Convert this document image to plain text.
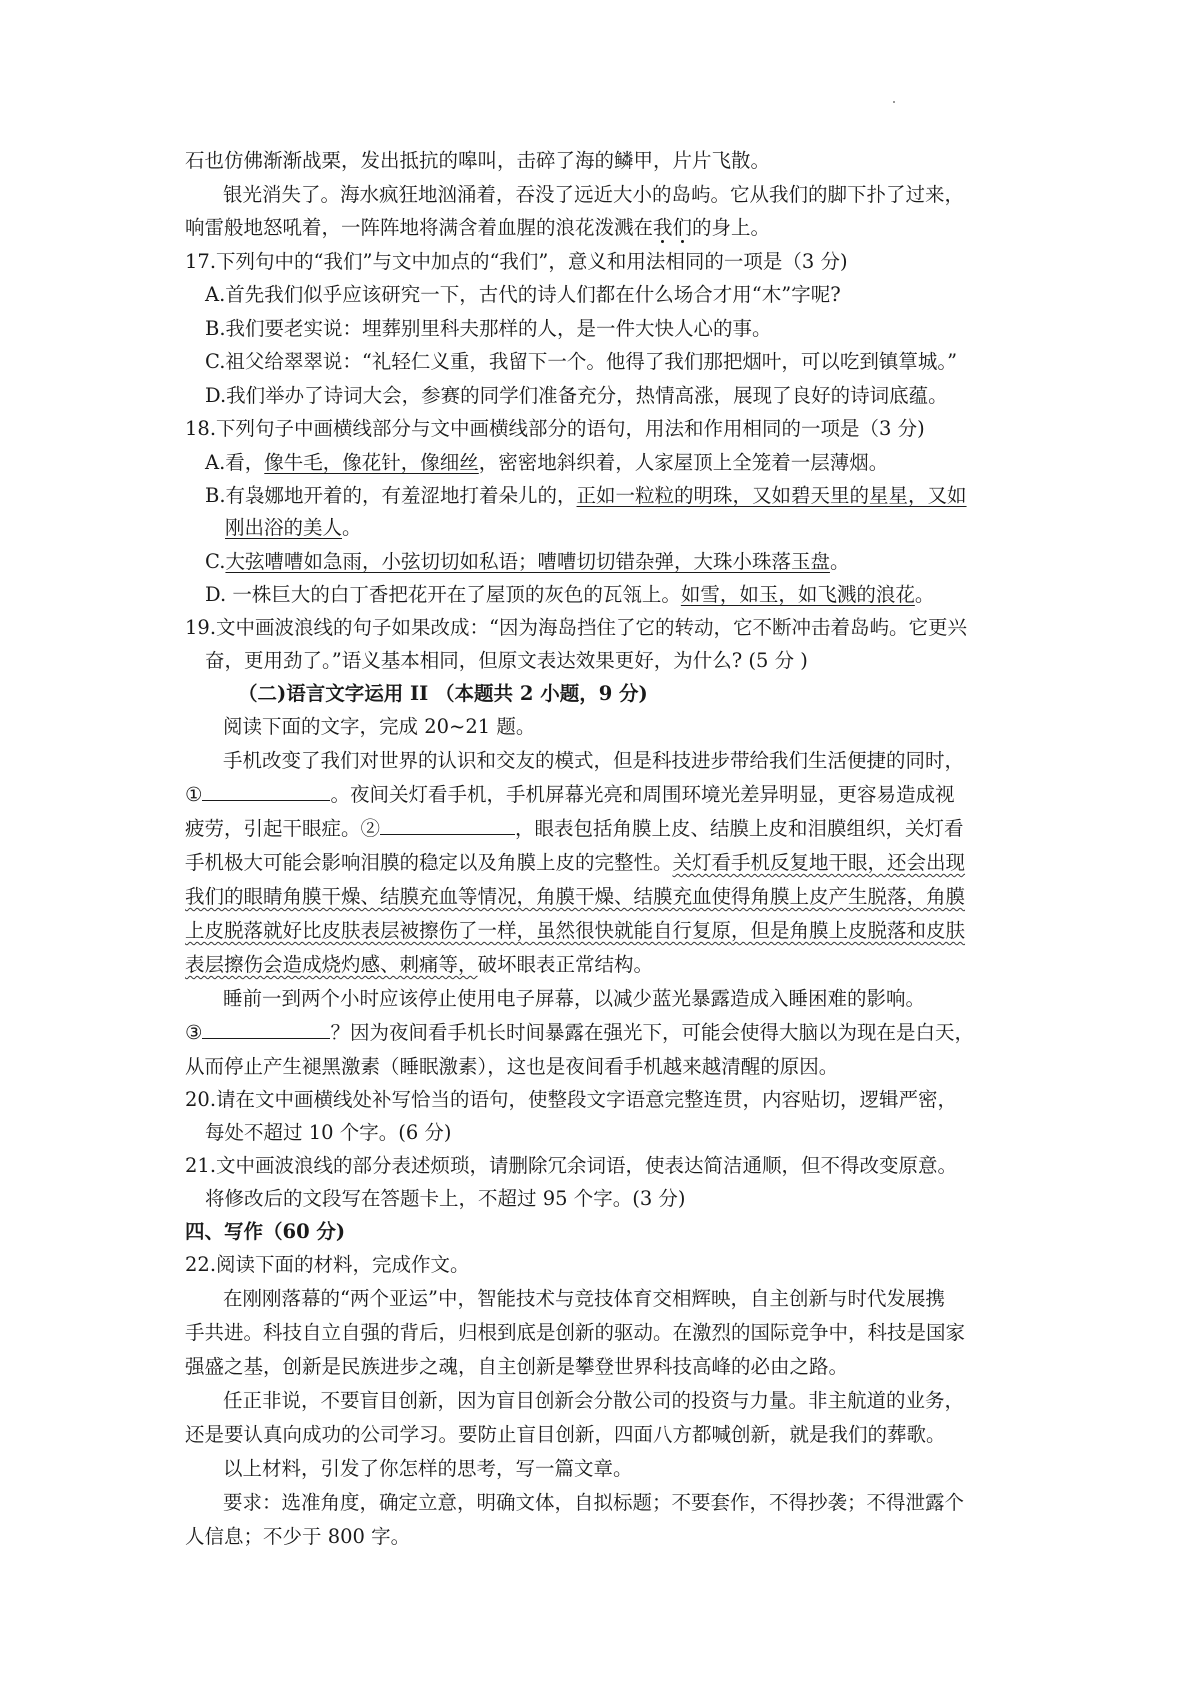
石也仿佛渐渐战栗，发出抵抗的嗥叫，击碎了海的鳞甲，片片飞散。
银光消失了。海水疯狂地汹涌着，吞没了远近大小的岛屿。它从我们的脚下扑了过来，
响雷般地怒吼着，一阵阵地将满含着血腥的浪花泼溅在我们的身上。
17.下列句中的“我们”与文中加点的“我们”，意义和用法相同的一项是（3 分)
A.首先我们似乎应该研究一下，古代的诗人们都在什么场合才用“木”字呢?
B.我们要老实说：埋葬别里科夫那样的人，是一件大快人心的事。
C.祖父给翠翠说：“礼轻仁义重，我留下一个。他得了我们那把烟叶，可以吃到镇筸城。”
D.我们举办了诗词大会，参赛的同学们准备充分，热情高涨，展现了良好的诗词底蕴。
18.下列句子中画横线部分与文中画横线部分的语句，用法和作用相同的一项是（3 分)
A.看，像牛毛，像花针，像细丝，密密地斜织着，人家屋顶上全笼着一层薄烟。
B.有袅娜地开着的，有羞涩地打着朵儿的，正如一粒粒的明珠，又如碧天里的星星，又如
刚出浴的美人。
C.大弦嘈嘈如急雨，小弦切切如私语；嘈嘈切切错杂弹，大珠小珠落玉盘。
D. 一株巨大的白丁香把花开在了屋顶的灰色的瓦瓴上。如雪，如玉，如飞溅的浪花。
19.文中画波浪线的句子如果改成：“因为海岛挡住了它的转动，它不断冲击着岛屿。它更兴
奋，更用劲了。”语义基本相同，但原文表达效果更好，为什么? (5 分 )
（二)语言文字运用 II （本题共 2 小题，9 分)
阅读下面的文字，完成 20~21 题。
手机改变了我们对世界的认识和交友的模式，但是科技进步带给我们生活便捷的同时，
①	。夜间关灯看手机，手机屏幕光亮和周围环境光差异明显，更容易造成视
疲劳，引起干眼症。②	，眼表包括角膜上皮、结膜上皮和泪膜组织，关灯看
手机极大可能会影响泪膜的稳定以及角膜上皮的完整性。关灯看手机反复地干眼，还会出现
我们的眼睛角膜干燥、结膜充血等情况，角膜干燥、结膜充血使得角膜上皮产生脱落，角膜
上皮脱落就好比皮肤表层被擦伤了一样，虽然很快就能自行复原，但是角膜上皮脱落和皮肤
表层擦伤会造成烧灼感、刺痛等，破坏眼表正常结构。
睡前一到两个小时应该停止使用电子屏幕，以减少蓝光暴露造成入睡困难的影响。
③	？因为夜间看手机长时间暴露在强光下，可能会使得大脑以为现在是白天，
从而停止产生褪黑激素（睡眠激素），这也是夜间看手机越来越清醒的原因。
20.请在文中画横线处补写恰当的语句，使整段文字语意完整连贯，内容贴切，逻辑严密，
每处不超过 10 个字。(6 分)
21.文中画波浪线的部分表述烦琐，请删除冗余词语，使表达简洁通顺，但不得改变原意。
将修改后的文段写在答题卡上，不超过 95 个字。(3 分)
四、写作（60 分)
22.阅读下面的材料，完成作文。
在刚刚落幕的“两个亚运”中，智能技术与竞技体育交相辉映，自主创新与时代发展携
手共进。科技自立自强的背后，归根到底是创新的驱动。在激烈的国际竞争中，科技是国家
强盛之基，创新是民族进步之魂，自主创新是攀登世界科技高峰的必由之路。
任正非说，不要盲目创新，因为盲目创新会分散公司的投资与力量。非主航道的业务，
还是要认真向成功的公司学习。要防止盲目创新，四面八方都喊创新，就是我们的葬歌。
以上材料，引发了你怎样的思考，写一篇文章。
要求：选准角度，确定立意，明确文体，自拟标题；不要套作，不得抄袭；不得泄露个
人信息；不少于 800 字。
